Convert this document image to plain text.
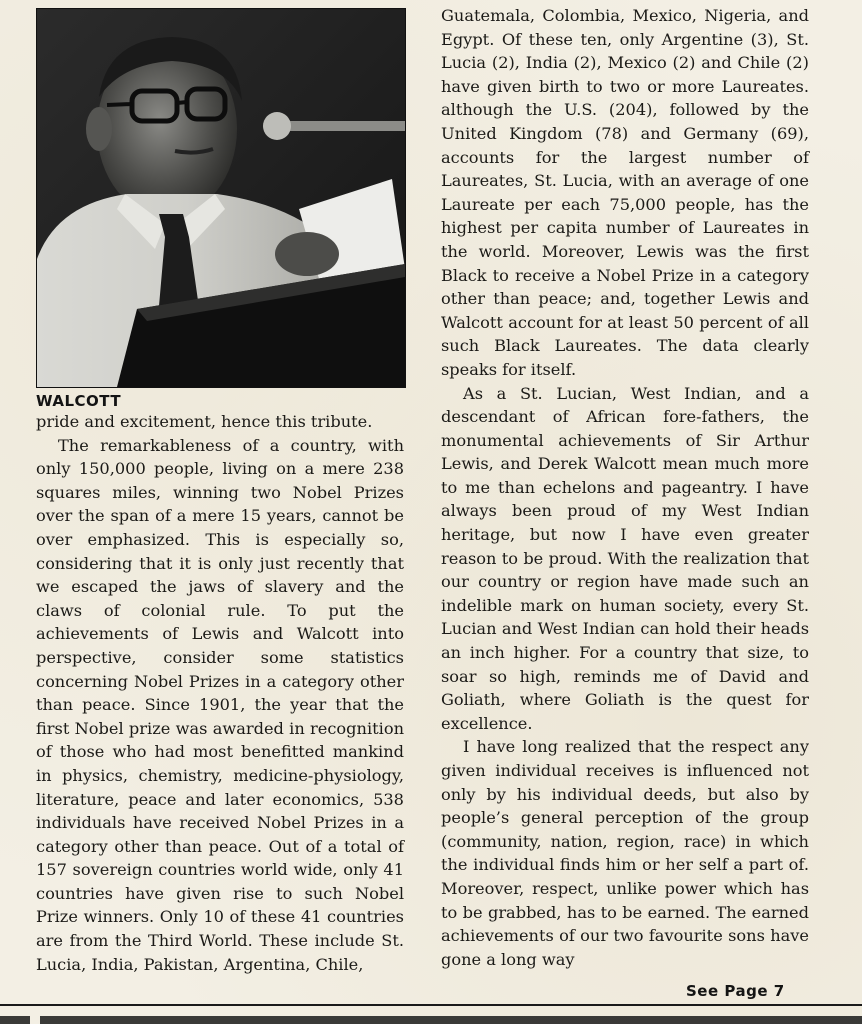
WALCOTT

pride and excitement, hence this tribute.

The remarkableness of a country, with only 150,000 people, living on a mere 238 squares miles, winning two Nobel Prizes over the span of a mere 15 years, cannot be over emphasized. This is especially so, considering that it is only just recently that we escaped the jaws of slavery and the claws of colonial rule. To put the achievements of Lewis and Walcott into perspective, consider some statistics concerning Nobel Prizes in a category other than peace. Since 1901, the year that the first Nobel prize was awarded in recognition of those who had most benefitted mankind in physics, chemistry, medicine-physiology, literature, peace and later economics, 538 individuals have received Nobel Prizes in a category other than peace. Out of a total of 157 sovereign countries world wide, only 41 countries have given rise to such Nobel Prize winners. Only 10 of these 41 countries are from the Third World. These include St. Lucia, India, Pakistan, Argentina, Chile,

Guatemala, Colombia, Mexico, Nigeria, and Egypt. Of these ten, only Argentine (3), St. Lucia (2), India (2), Mexico (2) and Chile (2) have given birth to two or more Laureates. although the U.S. (204), followed by the United Kingdom (78) and Germany (69), accounts for the largest number of Laureates, St. Lucia, with an average of one Laureate per each 75,000 people, has the highest per capita number of Laureates in the world. Moreover, Lewis was the first Black to receive a Nobel Prize in a category other than peace; and, together Lewis and Walcott account for at least 50 percent of all such Black Laureates. The data clearly speaks for itself.

As a St. Lucian, West Indian, and a descendant of African fore-fathers, the monumental achievements of Sir Arthur Lewis, and Derek Walcott mean much more to me than echelons and pageantry. I have always been proud of my West Indian heritage, but now I have even greater reason to be proud. With the realization that our country or region have made such an indelible mark on human society, every St. Lucian and West Indian can hold their heads an inch higher. For a country that size, to soar so high, reminds me of David and Goliath, where Goliath is the quest for excellence.

I have long realized that the respect any given individual receives is influenced not only by his individual deeds, but also by people’s general perception of the group (community, nation, region, race) in which the individual finds him or her self a part of. Moreover, respect, unlike power which has to be grabbed, has to be earned. The earned achievements of our two favourite sons have gone a long way

See Page 7
